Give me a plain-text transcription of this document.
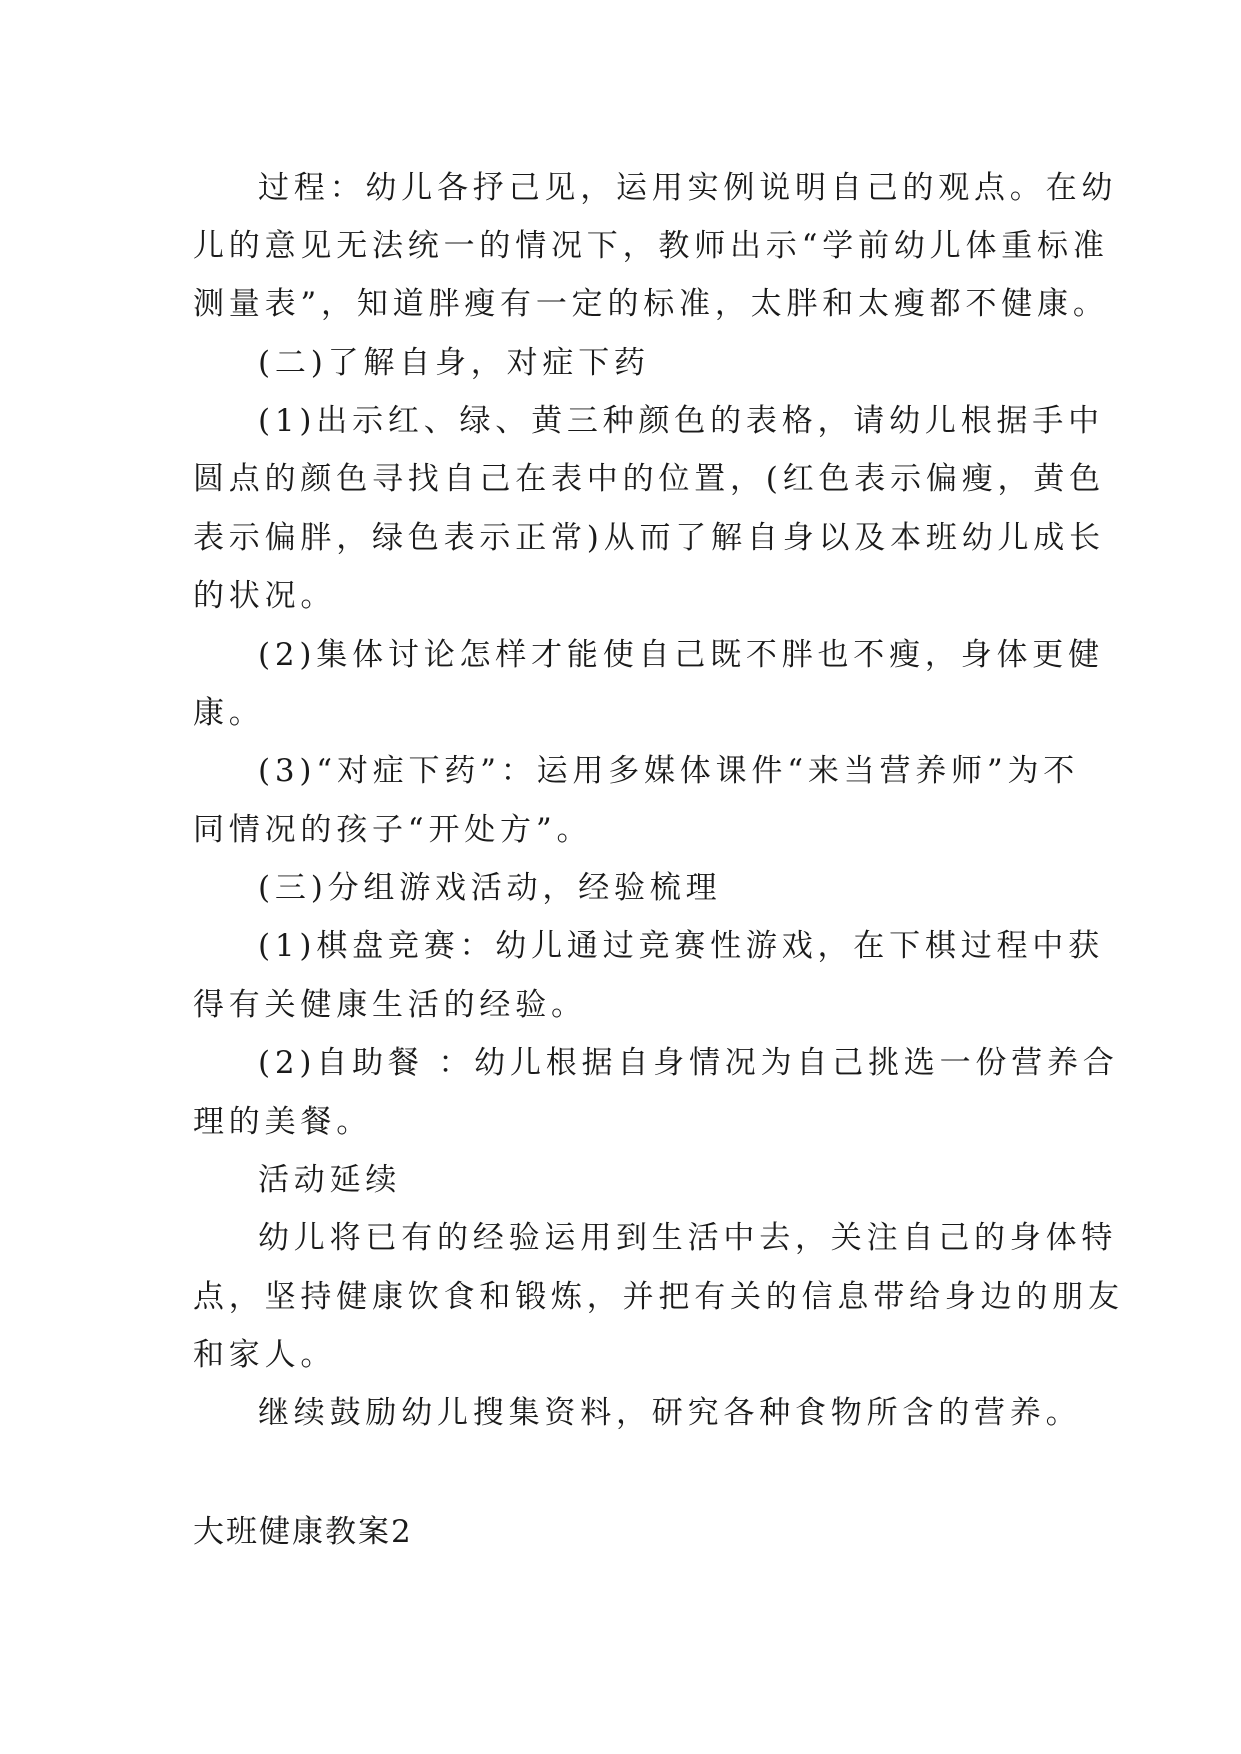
过程：幼儿各抒己见，运用实例说明自己的观点。在幼
儿的意见无法统一的情况下，教师出示“学前幼儿体重标准
测量表”，知道胖瘦有一定的标准，太胖和太瘦都不健康。
(二)了解自身，对症下药
(1)出示红、绿、黄三种颜色的表格，请幼儿根据手中
圆点的颜色寻找自己在表中的位置，(红色表示偏瘦，黄色
表示偏胖，绿色表示正常)从而了解自身以及本班幼儿成长
的状况。
(2)集体讨论怎样才能使自己既不胖也不瘦，身体更健
康。
(3)“对症下药”：运用多媒体课件“来当营养师”为不
同情况的孩子“开处方”。
(三)分组游戏活动，经验梳理
(1)棋盘竞赛：幼儿通过竞赛性游戏，在下棋过程中获
得有关健康生活的经验。
(2)自助餐 ：幼儿根据自身情况为自己挑选一份营养合
理的美餐。
活动延续
幼儿将已有的经验运用到生活中去，关注自己的身体特
点，坚持健康饮食和锻炼，并把有关的信息带给身边的朋友
和家人。
继续鼓励幼儿搜集资料，研究各种食物所含的营养。
大班健康教案2
